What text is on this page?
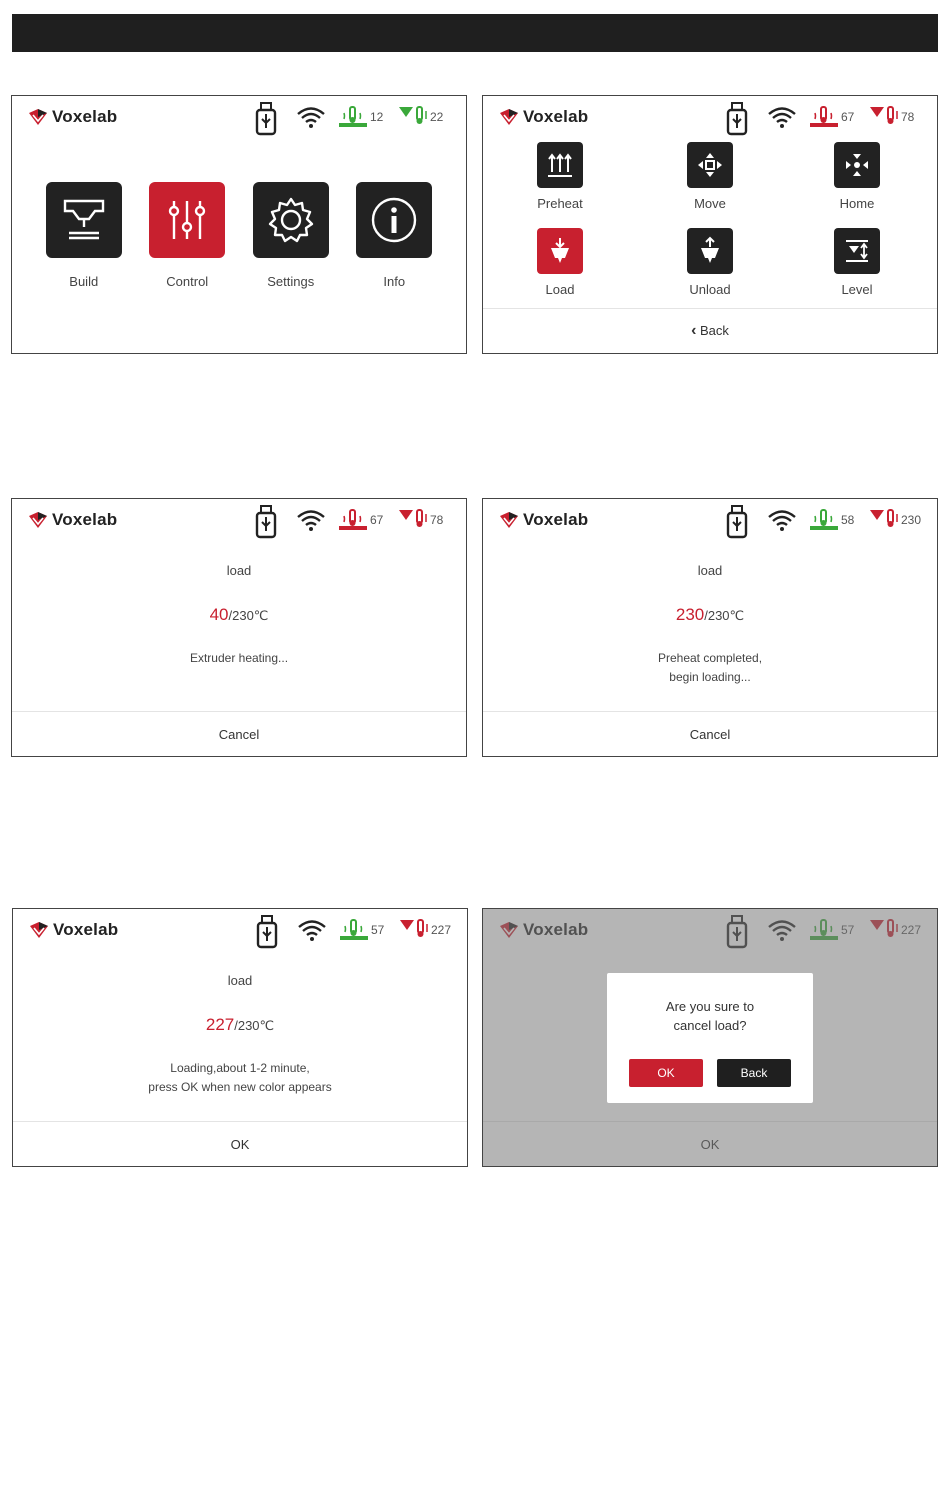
Voxelab	12	22
Build	Control	Settings	Info
Voxelab	67	78
Preheat	Move	Home
Load	Unload	Level
‹ Back
Voxelab	67	78
load
40/230℃
Extruder heating...
Cancel
Voxelab	58	230
load
230/230℃
Preheat completed,
begin loading...
Cancel
Voxelab	57	227
load
227/230℃
Loading,about 1-2 minute,
press OK when new color appears
OK
Are you sure to
cancel load?
OK	Back
